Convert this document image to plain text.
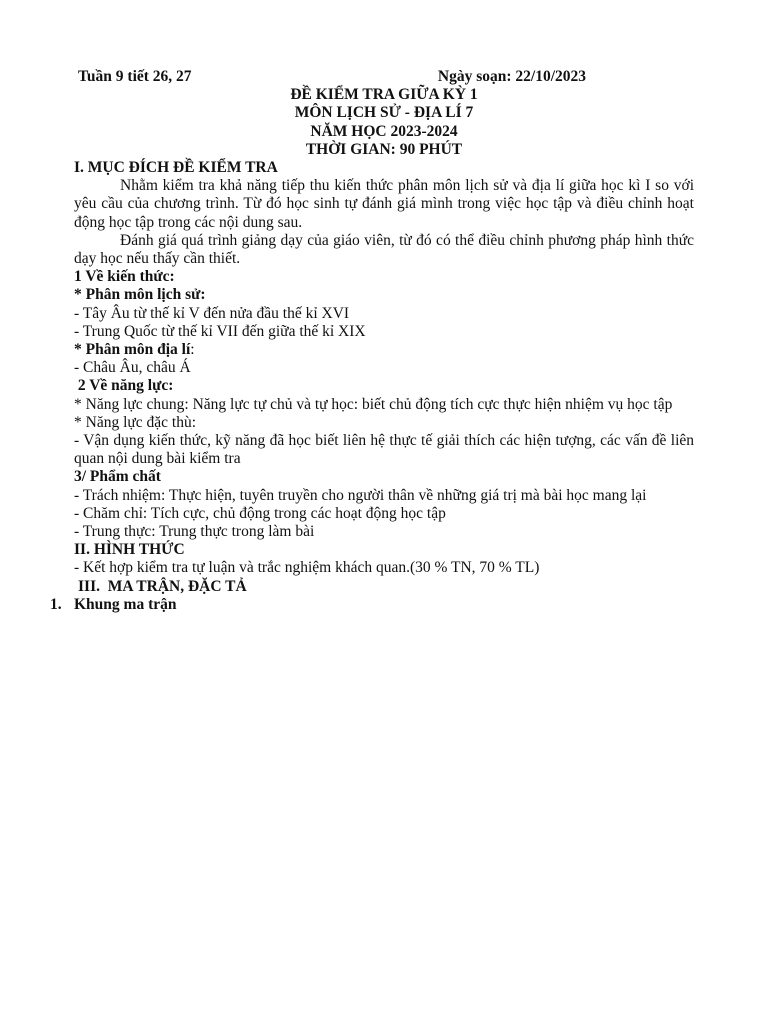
Tuần 9 tiết 26, 27	Ngày soạn: 22/10/2023

ĐỀ KIỂM TRA GIỮA KỲ 1

MÔN LỊCH SỬ - ĐỊA LÍ 7

NĂM HỌC 2023-2024

THỜI GIAN: 90 PHÚT

I. MỤC ĐÍCH ĐỀ KIỂM TRA

Nhằm kiểm tra khả năng tiếp thu kiến thức phân môn lịch sử và địa lí giữa học kì I so với yêu cầu của chương trình. Từ đó học sinh tự đánh giá mình trong việc học tập và điều chỉnh hoạt động học tập trong các nội dung sau.

Đánh giá quá trình giảng dạy của giáo viên, từ đó có thể điều chỉnh phương pháp hình thức dạy học nếu thấy cần thiết.

1 Về kiến thức:

* Phân môn lịch sử:

- Tây Âu từ thế kỉ V đến nửa đầu thế kỉ XVI

- Trung Quốc từ thế kỉ VII đến giữa thế kỉ XIX

* Phân môn địa lí:

- Châu Âu, châu Á

2 Về năng lực:

* Năng lực chung: Năng lực tự chủ và tự học: biết chủ động tích cực thực hiện nhiệm vụ học tập

* Năng lực đặc thù:

- Vận dụng kiến thức, kỹ năng đã học biết liên hệ thực tế giải thích các hiện tượng, các vấn đề liên quan nội dung bài kiểm tra

3/ Phẩm chất

- Trách nhiệm: Thực hiện, tuyên truyền cho người thân về những giá trị mà bài học mang lại

- Chăm chỉ: Tích cực, chủ động trong các hoạt động học tập

- Trung thực: Trung thực trong làm bài

II. HÌNH THỨC

- Kết hợp kiểm tra tự luận và trắc nghiệm khách quan.(30 % TN, 70 % TL)

III.  MA TRẬN, ĐẶC TẢ

1. Khung ma trận
